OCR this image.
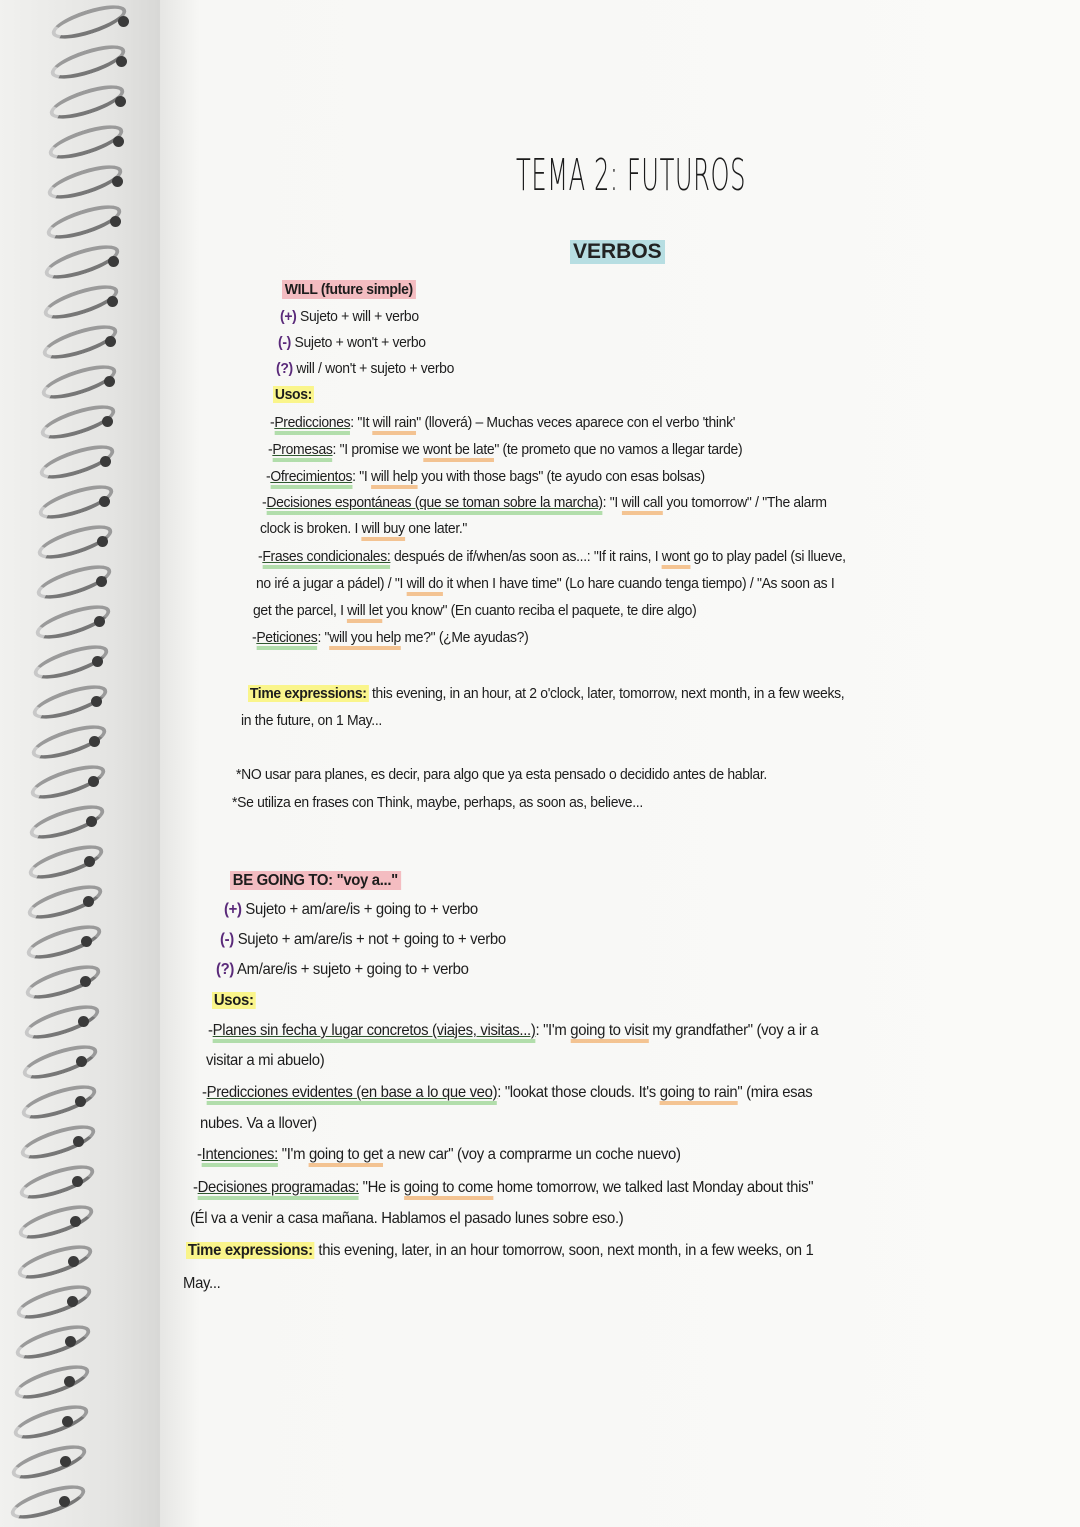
TEMA 2: FUTUROS
VERBOS
WILL (future simple)
(+) Sujeto + will + verbo
(-) Sujeto + won't + verbo
(?) will / won't + sujeto + verbo
Usos:
-Predicciones: "It will rain" (lloverá) – Muchas veces aparece con el verbo 'think'
-Promesas: "I promise we wont be late" (te prometo que no vamos a llegar tarde)
-Ofrecimientos: "I will help you with those bags" (te ayudo con esas bolsas)
-Decisiones espontáneas (que se toman sobre la marcha): "I will call you tomorrow" / "The alarm
clock is broken. I will buy one later."
-Frases condicionales: después de if/when/as soon as...: "If it rains, I wont go to play padel (si llueve,
no iré a jugar a pádel) / "I will do it when I have time" (Lo hare cuando tenga tiempo) / "As soon as I
get the parcel, I will let you know" (En cuanto reciba el paquete, te dire algo)
-Peticiones: "will you help me?" (¿Me ayudas?)
Time expressions: this evening, in an hour, at 2 o'clock, later, tomorrow, next month, in a few weeks,
in the future, on 1 May...
*NO usar para planes, es decir, para algo que ya esta pensado o decidido antes de hablar.
*Se utiliza en frases con Think, maybe, perhaps, as soon as, believe...
BE GOING TO: "voy a..."
(+) Sujeto + am/are/is + going to + verbo
(-) Sujeto + am/are/is + not + going to + verbo
(?) Am/are/is + sujeto + going to + verbo
Usos:
-Planes sin fecha y lugar concretos (viajes, visitas...): "I'm going to visit my grandfather" (voy a ir a
visitar a mi abuelo)
-Predicciones evidentes (en base a lo que veo): "lookat those clouds. It's going to rain" (mira esas
nubes. Va a llover)
-Intenciones: "I'm going to get a new car" (voy a comprarme un coche nuevo)
-Decisiones programadas: "He is going to come home tomorrow, we talked last Monday about this"
(Él va a venir a casa mañana. Hablamos el pasado lunes sobre eso.)
Time expressions: this evening, later, in an hour tomorrow, soon, next month, in a few weeks, on 1
May...
